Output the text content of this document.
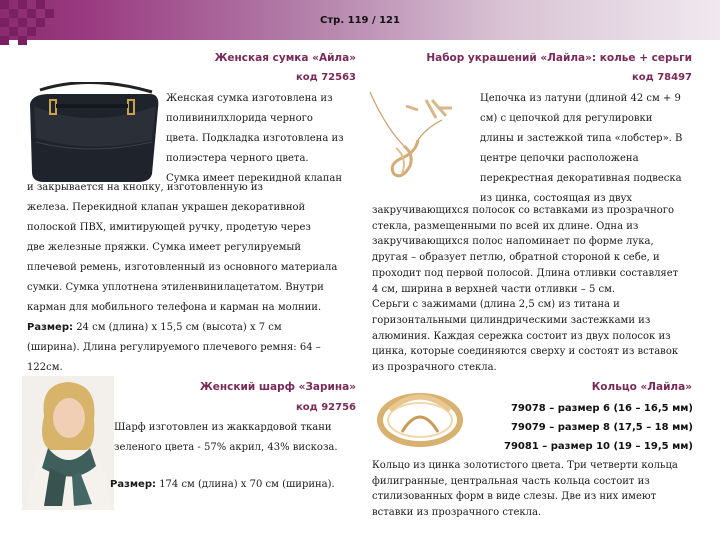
Стр. 119 / 121
Женская сумка «Айла»
код 72563
Женская сумка изготовлена из
поливинилхлорида черного
цвета. Подкладка изготовлена из
полиэстера черного цвета.
Сумка имеет перекидной клапан
и закрывается на кнопку, изготовленную из
железа. Перекидной клапан украшен декоративной
полоской ПВХ, имитирующей ручку, продетую через
две железные пряжки. Сумка имеет регулируемый
плечевой ремень, изготовленный из основного материала
сумки. Сумка уплотнена этиленвинилацетатом. Внутри
карман для мобильного телефона и карман на молнии.
Размер: 24 см (длина) х 15,5 см (высота) х 7 см
(ширина). Длина регулируемого плечевого ремня: 64 –
122см.
Набор украшений «Лайла»: колье + серьги
код 78497
Цепочка из латуни (длиной 42 см + 9
см) с цепочкой для регулировки
длины и застежкой типа «лобстер». В
центре цепочки расположена
перекрестная декоративная подвеска
из цинка, состоящая из двух
закручивающихся полосок со вставками из прозрачного
стекла, размещенными по всей их длине. Одна из
закручивающихся полос напоминает по форме лука,
другая – образует петлю, обратной стороной к себе, и
проходит под первой полосой. Длина отливки составляет
4 см, ширина в верхней части отливки – 5 см.
Серьги с зажимами (длина 2,5 см) из титана и
горизонтальными цилиндрическими застежками из
алюминия. Каждая сережка состоит из двух полосок из
цинка, которые соединяются сверху и состоят из вставок
из прозрачного стекла.
Женский шарф «Зарина»
код 92756
Шарф изготовлен из жаккардовой ткани
зеленого цвета - 57% акрил, 43% вискоза.
Размер: 174 см (длина) х 70 см (ширина).
Кольцо «Лайла»
79078 – размер 6 (16 – 16,5 мм)
79079 – размер 8 (17,5 – 18 мм)
79081 – размер 10 (19 – 19,5 мм)
Кольцо из цинка золотистого цвета. Три четверти кольца
филигранные, центральная часть кольца состоит из
стилизованных форм в виде слезы. Две из них имеют
вставки из прозрачного стекла.
